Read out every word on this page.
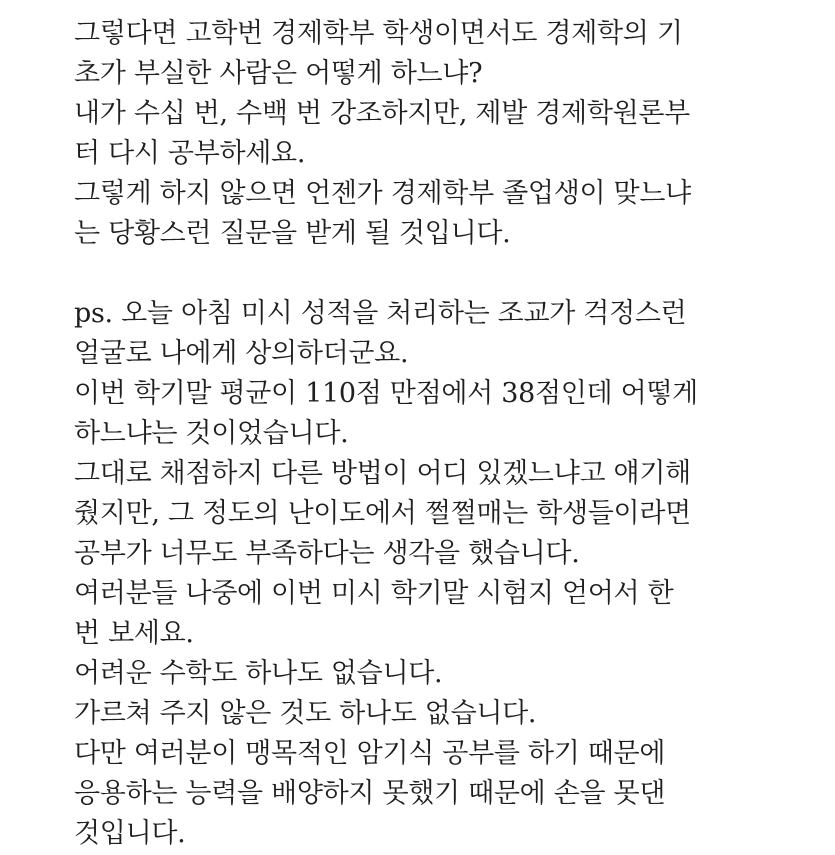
그렇다면 고학번 경제학부 학생이면서도 경제학의 기
초가 부실한 사람은 어떻게 하느냐?
내가 수십 번, 수백 번 강조하지만, 제발 경제학원론부
터 다시 공부하세요.
그렇게 하지 않으면 언젠가 경제학부 졸업생이 맞느냐
는 당황스런 질문을 받게 될 것입니다.
ps. 오늘 아침 미시 성적을 처리하는 조교가 걱정스런
얼굴로 나에게 상의하더군요.
이번 학기말 평균이 110점 만점에서 38점인데 어떻게
하느냐는 것이었습니다.
그대로 채점하지 다른 방법이 어디 있겠느냐고 얘기해
줬지만, 그 정도의 난이도에서 쩔쩔매는 학생들이라면
공부가 너무도 부족하다는 생각을 했습니다.
여러분들 나중에 이번 미시 학기말 시험지 얻어서 한
번 보세요.
어려운 수학도 하나도 없습니다.
가르쳐 주지 않은 것도 하나도 없습니다.
다만 여러분이 맹목적인 암기식 공부를 하기 때문에
응용하는 능력을 배양하지 못했기 때문에 손을 못댄
것입니다.
